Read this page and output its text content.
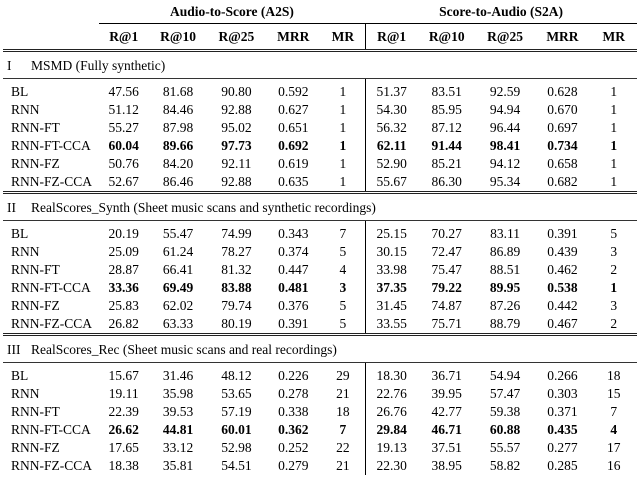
	Audio-to-Score (A2S)					Score-to-Audio (S2A)				
	R@1	R@10	R@25	MRR	MR	R@1	R@10	R@25	MRR	MR
I MSMD (Fully synthetic)										
BL	47.56	81.68	90.80	0.592	1	51.37	83.51	92.59	0.628	1
RNN	51.12	84.46	92.88	0.627	1	54.30	85.95	94.94	0.670	1
RNN-FT	55.27	87.98	95.02	0.651	1	56.32	87.12	96.44	0.697	1
RNN-FT-CCA	60.04	89.66	97.73	0.692	1	62.11	91.44	98.41	0.734	1
RNN-FZ	50.76	84.20	92.11	0.619	1	52.90	85.21	94.12	0.658	1
RNN-FZ-CCA	52.67	86.46	92.88	0.635	1	55.67	86.30	95.34	0.682	1
II RealScores_Synth (Sheet music scans and synthetic recordings)										
BL	20.19	55.47	74.99	0.343	7	25.15	70.27	83.11	0.391	5
RNN	25.09	61.24	78.27	0.374	5	30.15	72.47	86.89	0.439	3
RNN-FT	28.87	66.41	81.32	0.447	4	33.98	75.47	88.51	0.462	2
RNN-FT-CCA	33.36	69.49	83.88	0.481	3	37.35	79.22	89.95	0.538	1
RNN-FZ	25.83	62.02	79.74	0.376	5	31.45	74.87	87.26	0.442	3
RNN-FZ-CCA	26.82	63.33	80.19	0.391	5	33.55	75.71	88.79	0.467	2
III RealScores_Rec (Sheet music scans and real recordings)										
BL	15.67	31.46	48.12	0.226	29	18.30	36.71	54.94	0.266	18
RNN	19.11	35.98	53.65	0.278	21	22.76	39.95	57.47	0.303	15
RNN-FT	22.39	39.53	57.19	0.338	18	26.76	42.77	59.38	0.371	7
RNN-FT-CCA	26.62	44.81	60.01	0.362	7	29.84	46.71	60.88	0.435	4
RNN-FZ	17.65	33.12	52.98	0.252	22	19.13	37.51	55.57	0.277	17
RNN-FZ-CCA	18.38	35.81	54.51	0.279	21	22.30	38.95	58.82	0.285	16
